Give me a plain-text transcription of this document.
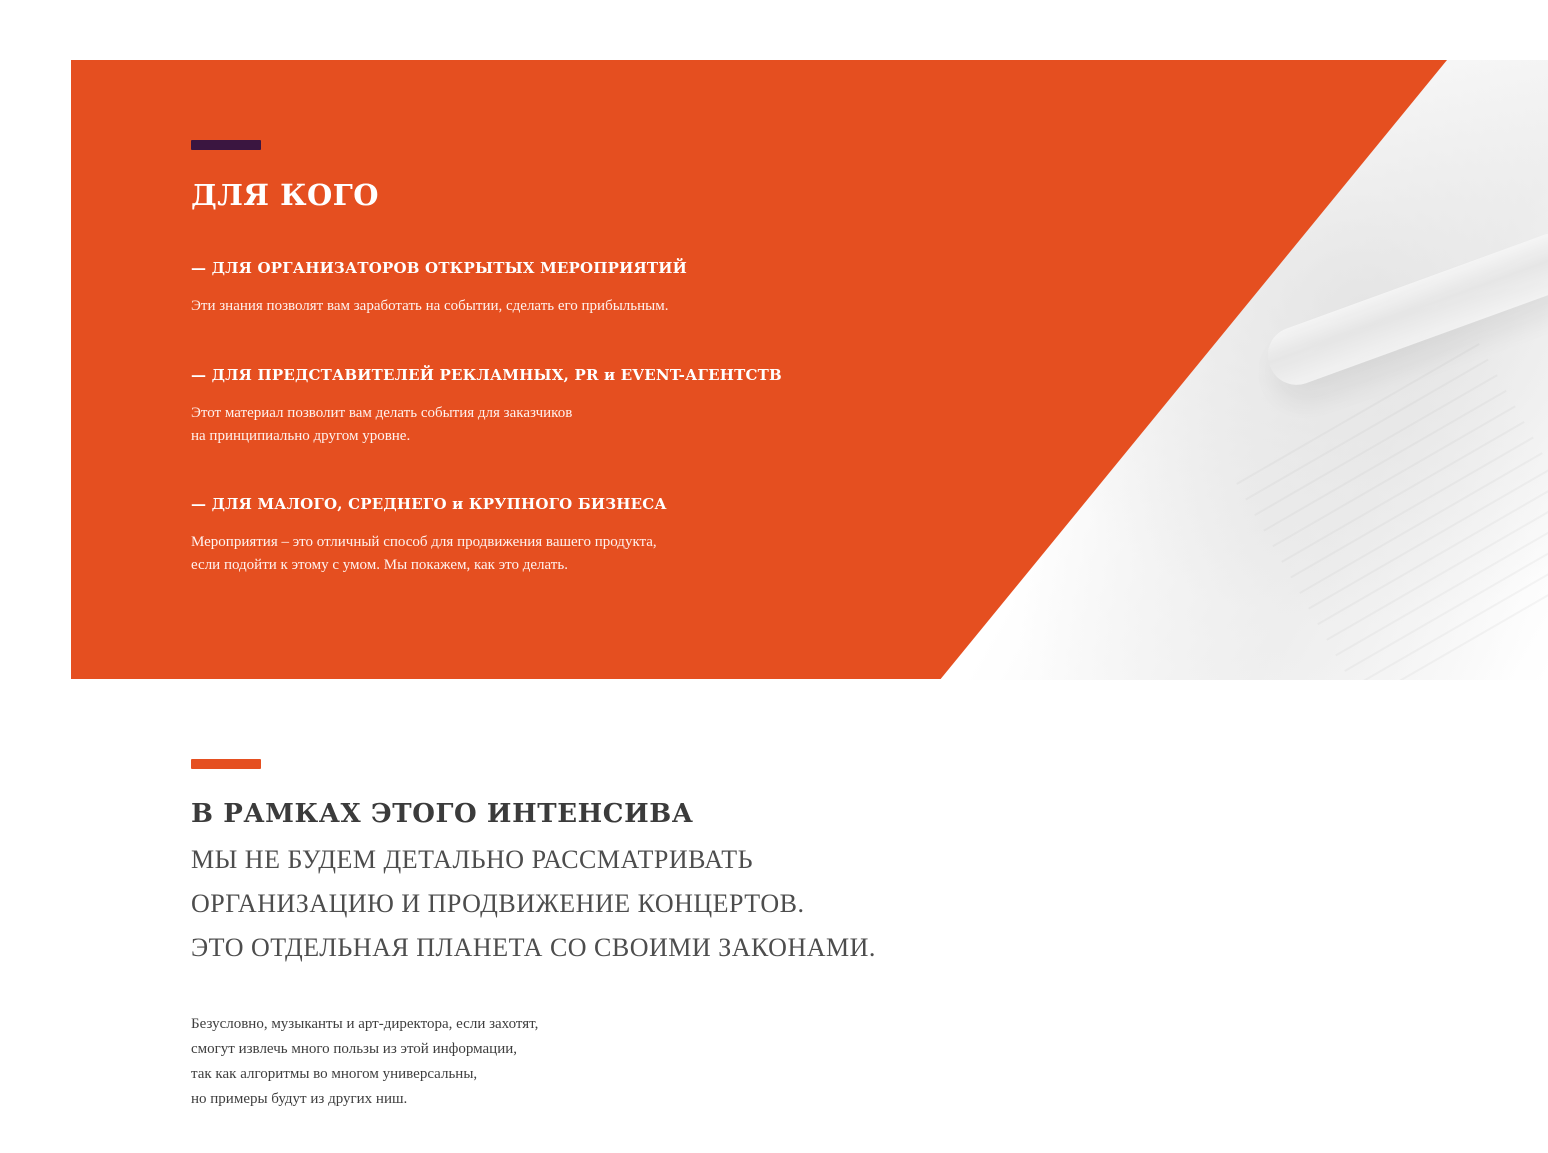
ДЛЯ КОГО
— ДЛЯ ОРГАНИЗАТОРОВ ОТКРЫТЫХ МЕРОПРИЯТИЙ
Эти знания позволят вам заработать на событии, сделать его прибыльным.
— ДЛЯ ПРЕДСТАВИТЕЛЕЙ РЕКЛАМНЫХ, PR и EVENT-АГЕНТСТВ
Этот материал позволит вам делать события для заказчиков
на принципиально другом уровне.
— ДЛЯ МАЛОГО, СРЕДНЕГО и КРУПНОГО БИЗНЕСА
Мероприятия – это отличный способ для продвижения вашего продукта,
если подойти к этому с умом. Мы покажем, как это делать.
В РАМКАХ ЭТОГО ИНТЕНСИВА
МЫ НЕ БУДЕМ ДЕТАЛЬНО РАССМАТРИВАТЬ
ОРГАНИЗАЦИЮ И ПРОДВИЖЕНИЕ КОНЦЕРТОВ.
ЭТО ОТДЕЛЬНАЯ ПЛАНЕТА СО СВОИМИ ЗАКОНАМИ.
Безусловно, музыканты и арт-директора, если захотят,
смогут извлечь много пользы из этой информации,
так как алгоритмы во многом универсальны,
но примеры будут из других ниш.
